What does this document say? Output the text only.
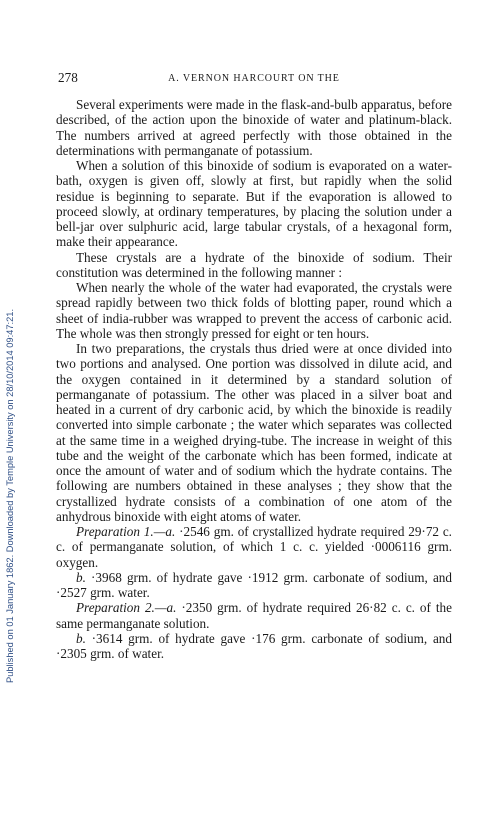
Published on 01 January 1862. Downloaded by Temple University on 28/10/2014 09:47:21.
278	A. VERNON HARCOURT ON THE

Several experiments were made in the flask-and-bulb apparatus, before described, of the action upon the binoxide of water and platinum-black. The numbers arrived at agreed perfectly with those obtained in the determinations with permanganate of potassium.

When a solution of this binoxide of sodium is evaporated on a water-bath, oxygen is given off, slowly at first, but rapidly when the solid residue is beginning to separate. But if the evaporation is allowed to proceed slowly, at ordinary temperatures, by placing the solution under a bell-jar over sulphuric acid, large tabular crystals, of a hexagonal form, make their appearance.

These crystals are a hydrate of the binoxide of sodium. Their constitution was determined in the following manner :

When nearly the whole of the water had evaporated, the crystals were spread rapidly between two thick folds of blotting paper, round which a sheet of india-rubber was wrapped to prevent the access of carbonic acid. The whole was then strongly pressed for eight or ten hours.

In two preparations, the crystals thus dried were at once divided into two portions and analysed. One portion was dissolved in dilute acid, and the oxygen contained in it determined by a standard solution of permanganate of potassium. The other was placed in a silver boat and heated in a current of dry carbonic acid, by which the binoxide is readily converted into simple carbonate ; the water which separates was collected at the same time in a weighed drying-tube. The increase in weight of this tube and the weight of the carbonate which has been formed, indicate at once the amount of water and of sodium which the hydrate contains. The following are numbers obtained in these analyses ; they show that the crystallized hydrate consists of a combination of one atom of the anhydrous binoxide with eight atoms of water.

Preparation 1.—a. ·2546 gm. of crystallized hydrate required 29·72 c. c. of permanganate solution, of which 1 c. c. yielded ·0006116 grm. oxygen.

b. ·3968 grm. of hydrate gave ·1912 grm. carbonate of sodium, and ·2527 grm. water.

Preparation 2.—a. ·2350 grm. of hydrate required 26·82 c. c. of the same permanganate solution.

b. ·3614 grm. of hydrate gave ·176 grm. carbonate of sodium, and ·2305 grm. of water.
